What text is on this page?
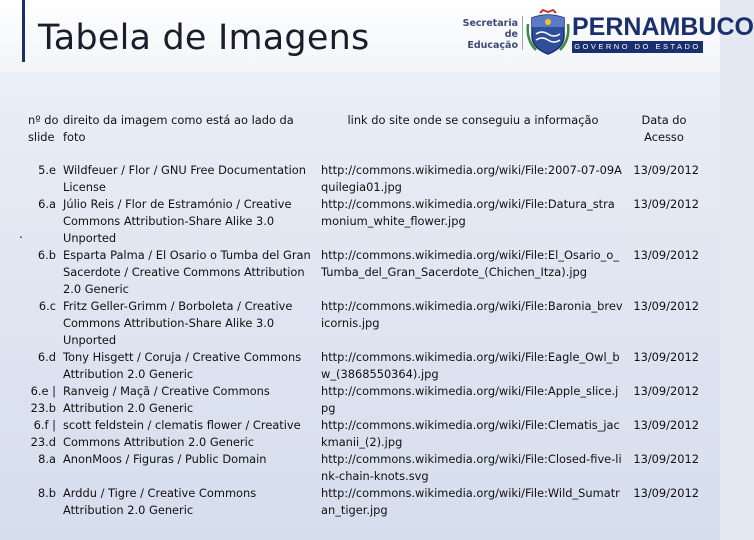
Tabela de Imagens	Secretaria de
Educação
PERNAMBUCO
GOVERNO DO ESTADO
.
nº do slide	direito da imagem como está ao lado da foto	link do site onde se conseguiu a informação	Data do Acesso

5.e	Wildfeuer / Flor / GNU Free Documentation License	http://commons.wikimedia.org/wiki/File:2007-07-09Aquilegia01.jpg	13/09/2012
6.a	Júlio Reis / Flor de Estramónio / Creative Commons Attribution-Share Alike 3.0 Unported	http://commons.wikimedia.org/wiki/File:Datura_stramonium_white_flower.jpg	13/09/2012
6.b	Esparta Palma / El Osario o Tumba del Gran Sacerdote / Creative Commons Attribution 2.0 Generic	http://commons.wikimedia.org/wiki/File:El_Osario_o_Tumba_del_Gran_Sacerdote_(Chichen_Itza).jpg	13/09/2012
6.c	Fritz Geller-Grimm / Borboleta / Creative Commons Attribution-Share Alike 3.0 Unported	http://commons.wikimedia.org/wiki/File:Baronia_brevicornis.jpg	13/09/2012
6.d	Tony Hisgett / Coruja / Creative Commons Attribution 2.0 Generic	http://commons.wikimedia.org/wiki/File:Eagle_Owl_bw_(3868550364).jpg	13/09/2012
6.e | 23.b	Ranveig / Maçã / Creative Commons Attribution 2.0 Generic	http://commons.wikimedia.org/wiki/File:Apple_slice.jpg	13/09/2012
6.f | 23.d	scott feldstein / clematis flower / Creative Commons Attribution 2.0 Generic	http://commons.wikimedia.org/wiki/File:Clematis_jackmanii_(2).jpg	13/09/2012
8.a	AnonMoos / Figuras / Public Domain	http://commons.wikimedia.org/wiki/File:Closed-five-link-chain-knots.svg	13/09/2012
8.b	Arddu / Tigre / Creative Commons Attribution 2.0 Generic	http://commons.wikimedia.org/wiki/File:Wild_Sumatran_tiger.jpg	13/09/2012
